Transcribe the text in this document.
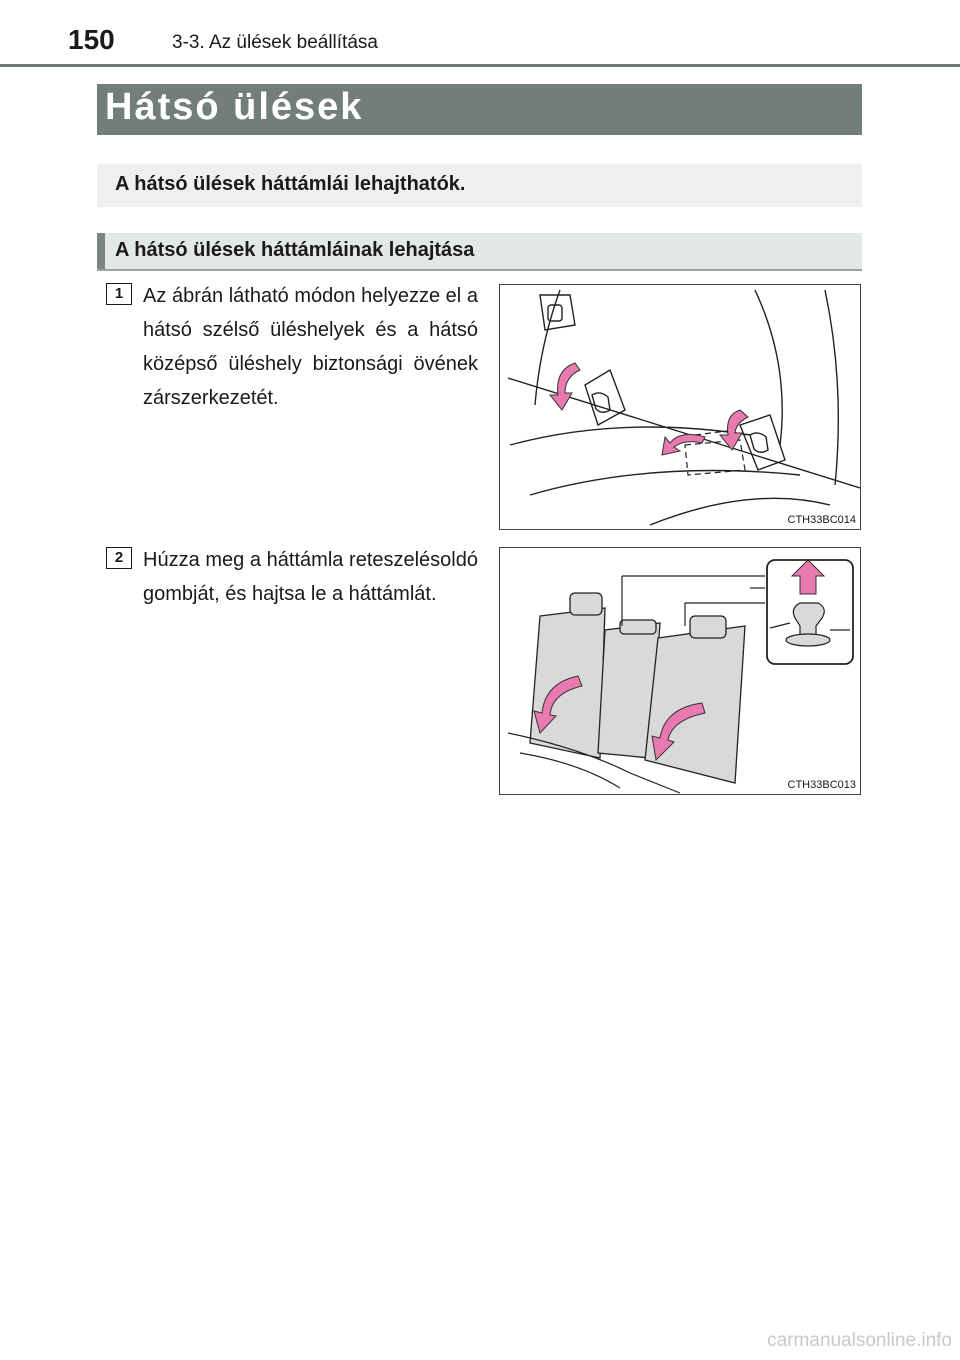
150	3-3. Az ülések beállítása
Hátsó ülések
A hátsó ülések háttámlái lehajthatók.
A hátsó ülések háttámláinak lehajtása
1 Az ábrán látható módon helyezze el a hátsó szélső üléshelyek és a hátsó középső üléshely biztonsági övének zárszerkezetét.
CTH33BC014
2 Húzza meg a háttámla reteszelésoldó gombját, és hajtsa le a háttámlát.
CTH33BC013
carmanualsonline.info
